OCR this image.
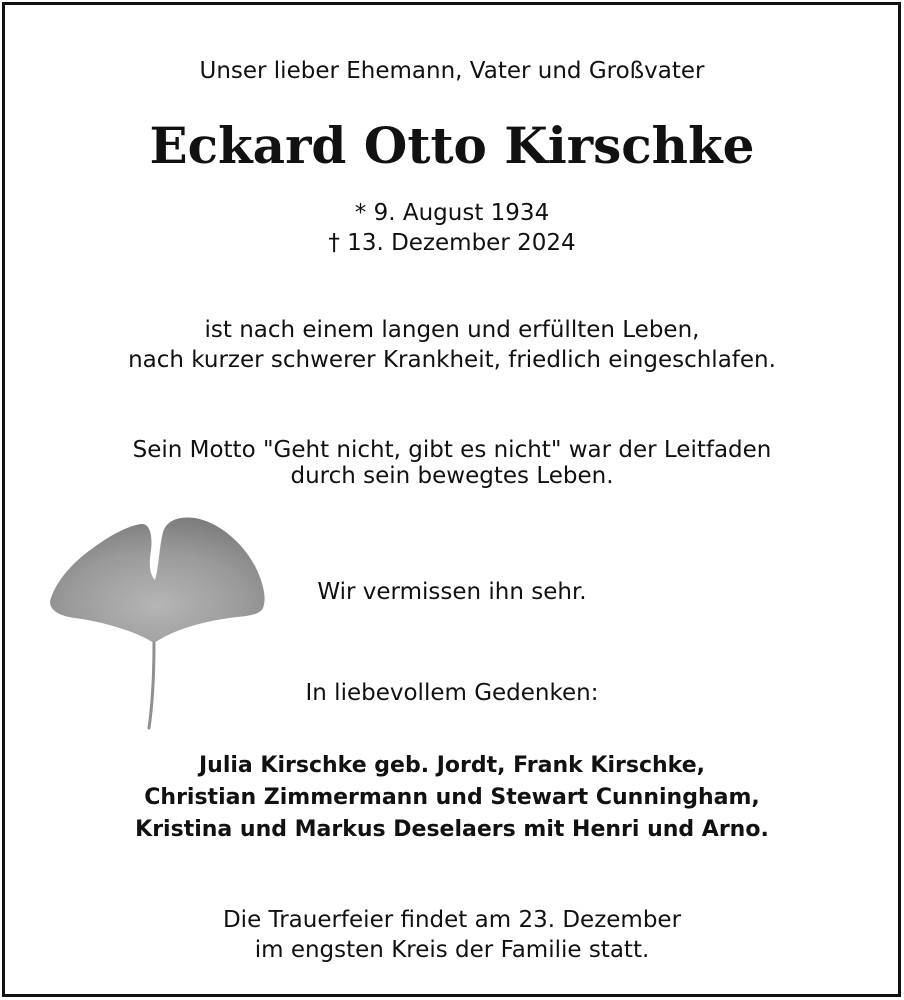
Unser lieber Ehemann, Vater und Großvater
Eckard Otto Kirschke
* 9. August 1934
† 13. Dezember 2024
ist nach einem langen und erfüllten Leben,
nach kurzer schwerer Krankheit, friedlich eingeschlafen.
Sein Motto "Geht nicht, gibt es nicht" war der Leitfaden
durch sein bewegtes Leben.
Wir vermissen ihn sehr.
In liebevollem Gedenken:
Julia Kirschke geb. Jordt, Frank Kirschke,
Christian Zimmermann und Stewart Cunningham,
Kristina und Markus Deselaers mit Henri und Arno.
Die Trauerfeier findet am 23. Dezember
im engsten Kreis der Familie statt.
